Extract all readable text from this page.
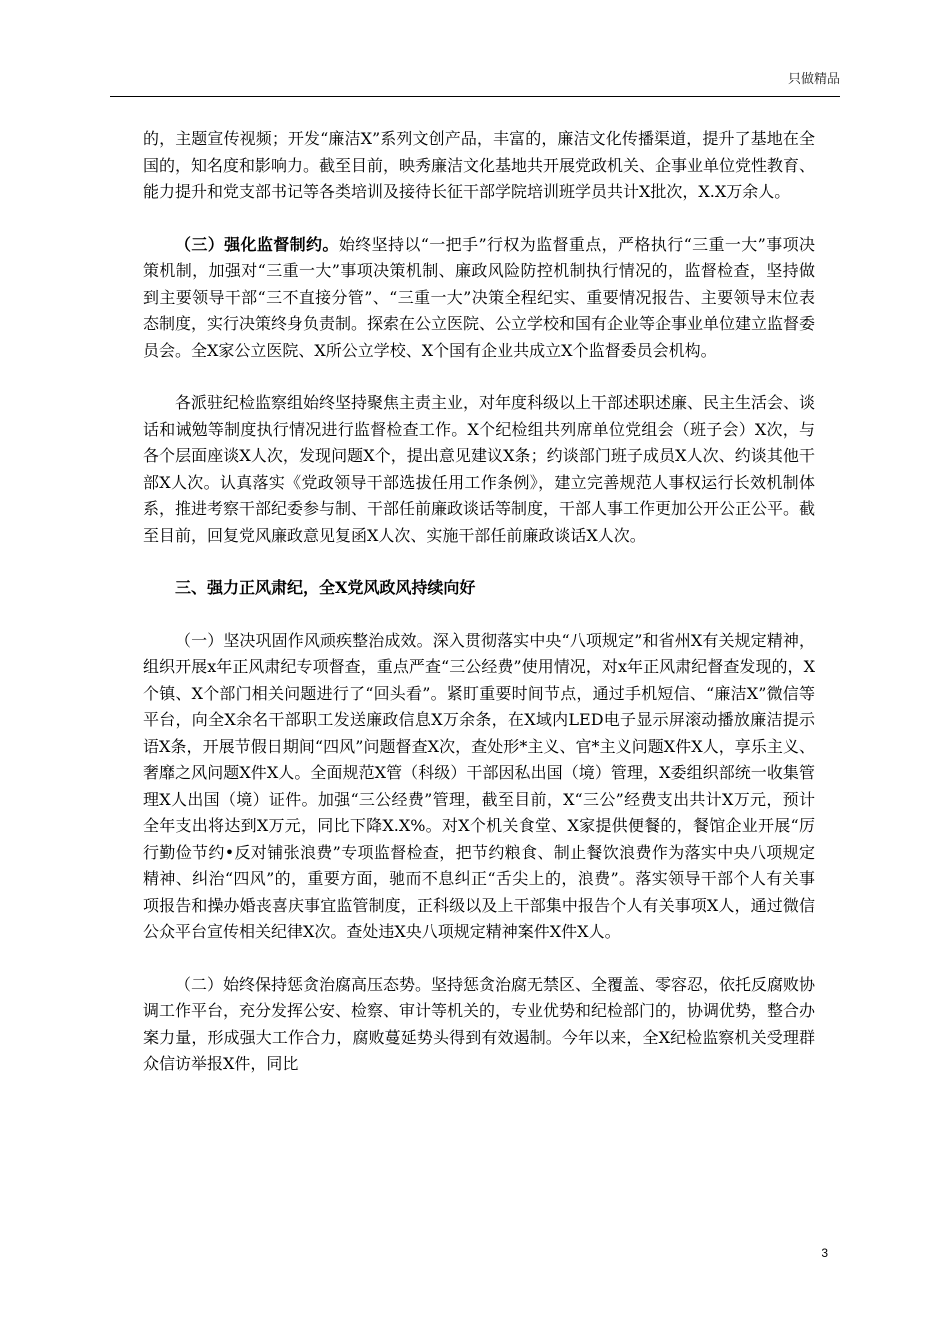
只做精品

的，主题宣传视频；开发“廉洁X”系列文创产品，丰富的，廉洁文化传播渠道，提升了基地在全国的，知名度和影响力。截至目前，映秀廉洁文化基地共开展党政机关、企事业单位党性教育、能力提升和党支部书记等各类培训及接待长征干部学院培训班学员共计X批次，X.X万余人。

（三）强化监督制约。始终坚持以“一把手”行权为监督重点，严格执行“三重一大”事项决策机制，加强对“三重一大”事项决策机制、廉政风险防控机制执行情况的，监督检查，坚持做到主要领导干部“三不直接分管”、“三重一大”决策全程纪实、重要情况报告、主要领导末位表态制度，实行决策终身负责制。探索在公立医院、公立学校和国有企业等企事业单位建立监督委员会。全X家公立医院、X所公立学校、X个国有企业共成立X个监督委员会机构。

各派驻纪检监察组始终坚持聚焦主责主业，对年度科级以上干部述职述廉、民主生活会、谈话和诫勉等制度执行情况进行监督检查工作。X个纪检组共列席单位党组会（班子会）X次，与各个层面座谈X人次，发现问题X个，提出意见建议X条；约谈部门班子成员X人次、约谈其他干部X人次。认真落实《党政领导干部选拔任用工作条例》，建立完善规范人事权运行长效机制体系，推进考察干部纪委参与制、干部任前廉政谈话等制度，干部人事工作更加公开公正公平。截至目前，回复党风廉政意见复函X人次、实施干部任前廉政谈话X人次。

三、强力正风肃纪，全X党风政风持续向好

（一）坚决巩固作风顽疾整治成效。深入贯彻落实中央“八项规定”和省州X有关规定精神，组织开展x年正风肃纪专项督查，重点严查“三公经费”使用情况，对x年正风肃纪督查发现的，X个镇、X个部门相关问题进行了“回头看”。紧盯重要时间节点，通过手机短信、“廉洁X”微信等平台，向全X余名干部职工发送廉政信息X万余条，在X域内LED电子显示屏滚动播放廉洁提示语X条，开展节假日期间“四风”问题督查X次，查处形*主义、官*主义问题X件X人，享乐主义、奢靡之风问题X件X人。全面规范X管（科级）干部因私出国（境）管理，X委组织部统一收集管理X人出国（境）证件。加强“三公经费”管理，截至目前，X“三公”经费支出共计X万元，预计全年支出将达到X万元，同比下降X.X%。对X个机关食堂、X家提供便餐的，餐馆企业开展“厉行勤俭节约•反对铺张浪费”专项监督检查，把节约粮食、制止餐饮浪费作为落实中央八项规定精神、纠治“四风”的，重要方面，驰而不息纠正“舌尖上的，浪费”。落实领导干部个人有关事项报告和操办婚丧喜庆事宜监管制度，正科级以及上干部集中报告个人有关事项X人，通过微信公众平台宣传相关纪律X次。查处违X央八项规定精神案件X件X人。

（二）始终保持惩贪治腐高压态势。坚持惩贪治腐无禁区、全覆盖、零容忍，依托反腐败协调工作平台，充分发挥公安、检察、审计等机关的，专业优势和纪检部门的，协调优势，整合办案力量，形成强大工作合力，腐败蔓延势头得到有效遏制。今年以来，全X纪检监察机关受理群众信访举报X件，同比

3
